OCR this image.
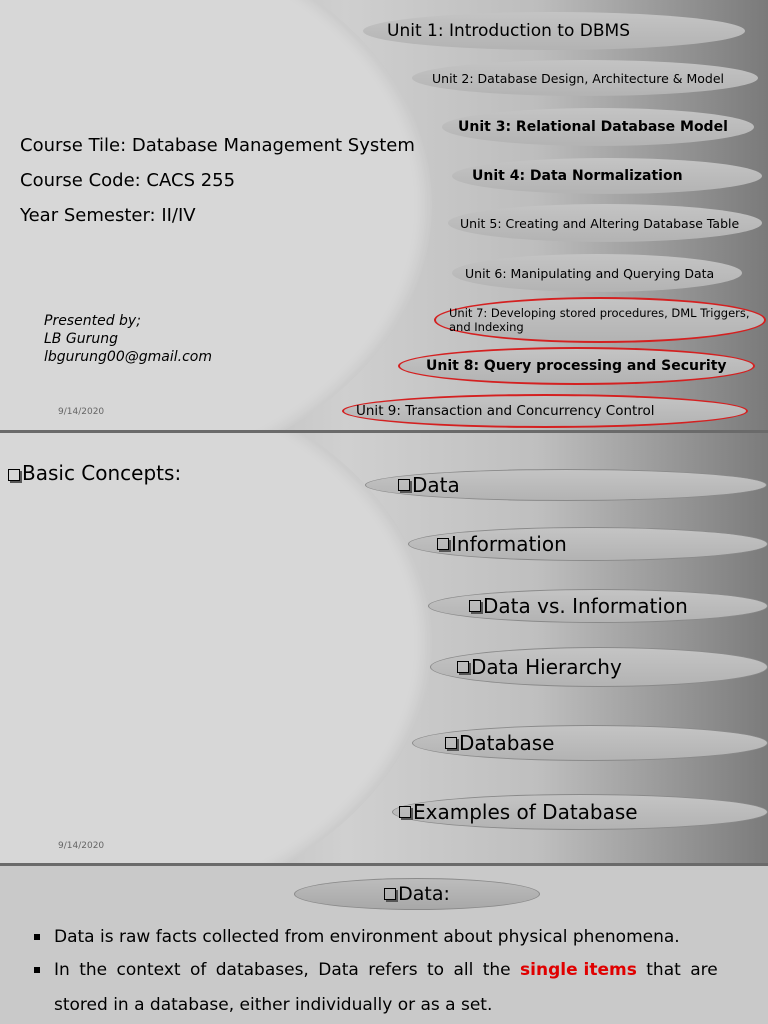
Course Tile: Database Management System
Course Code: CACS 255
Year Semester: II/IV
Presented by;
LB Gurung
lbgurung00@gmail.com
9/14/2020
Unit 1: Introduction to DBMS
Unit 2: Database Design, Architecture & Model
Unit 3: Relational Database Model
Unit 4: Data Normalization
Unit 5: Creating and Altering Database Table
Unit 6: Manipulating and Querying Data
Unit 7: Developing stored procedures, DML Triggers, and Indexing
Unit 8: Query processing and Security
Unit 9: Transaction and Concurrency Control
Basic Concepts:
9/14/2020
Data
Information
Data vs. Information
Data Hierarchy
Database
Examples of Database
Data:
Data is raw facts collected from environment about physical phenomena.
In the context of databases, Data refers to all the single items that are
stored in a database, either individually or as a set.
